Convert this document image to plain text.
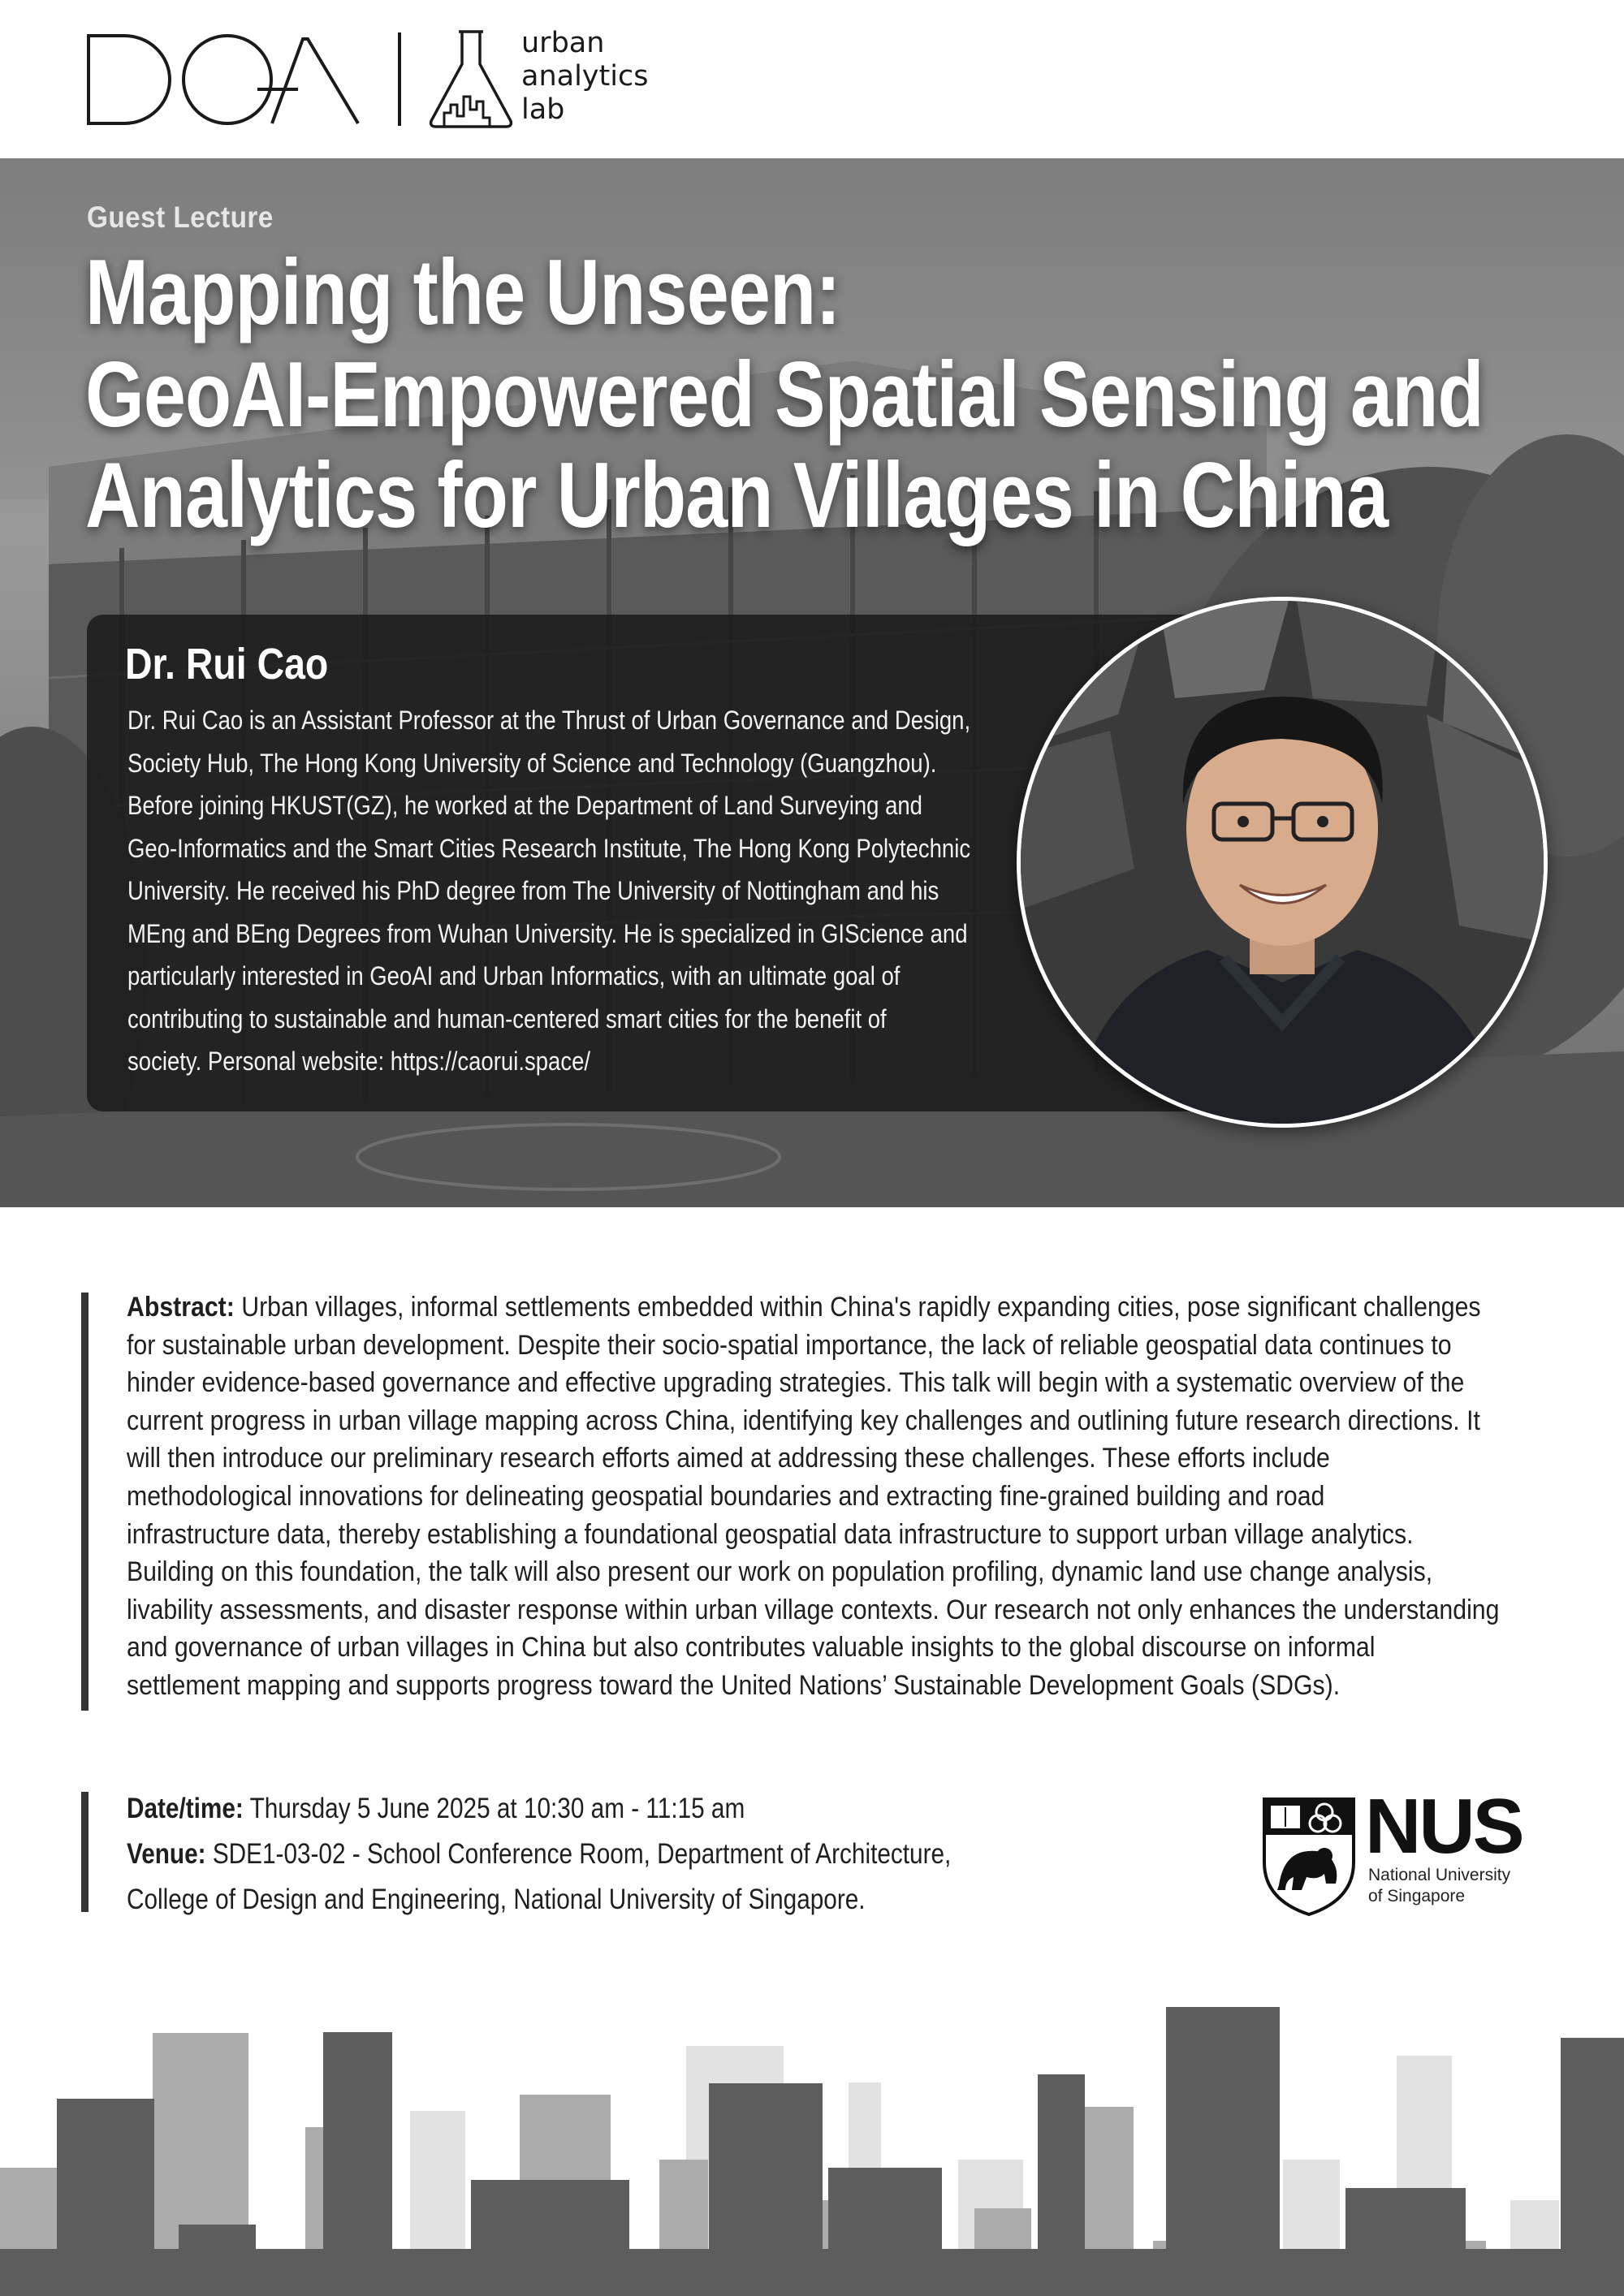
urban
analytics
lab
Guest Lecture
Mapping the Unseen:
GeoAI-Empowered Spatial Sensing and
Analytics for Urban Villages in China
Dr. Rui Cao
Dr. Rui Cao is an Assistant Professor at the Thrust of Urban Governance and Design,
Society Hub, The Hong Kong University of Science and Technology (Guangzhou).
Before joining HKUST(GZ), he worked at the Department of Land Surveying and
Geo-Informatics and the Smart Cities Research Institute, The Hong Kong Polytechnic
University. He received his PhD degree from The University of Nottingham and his
MEng and BEng Degrees from Wuhan University. He is specialized in GIScience and
particularly interested in GeoAI and Urban Informatics, with an ultimate goal of
contributing to sustainable and human-centered smart cities for the benefit of
society. Personal website: https://caorui.space/
Abstract: Urban villages, informal settlements embedded within China's rapidly expanding cities, pose significant challenges
for sustainable urban development. Despite their socio-spatial importance, the lack of reliable geospatial data continues to
hinder evidence-based governance and effective upgrading strategies. This talk will begin with a systematic overview of the
current progress in urban village mapping across China, identifying key challenges and outlining future research directions. It
will then introduce our preliminary research efforts aimed at addressing these challenges. These efforts include
methodological innovations for delineating geospatial boundaries and extracting fine-grained building and road
infrastructure data, thereby establishing a foundational geospatial data infrastructure to support urban village analytics.
Building on this foundation, the talk will also present our work on population profiling, dynamic land use change analysis,
livability assessments, and disaster response within urban village contexts. Our research not only enhances the understanding
and governance of urban villages in China but also contributes valuable insights to the global discourse on informal
settlement mapping and supports progress toward the United Nations’ Sustainable Development Goals (SDGs).
Date/time: Thursday 5 June 2025 at 10:30 am - 11:15 am
Venue: SDE1-03-02 - School Conference Room, Department of Architecture,
College of Design and Engineering, National University of Singapore.
NUS
National University
of Singapore
